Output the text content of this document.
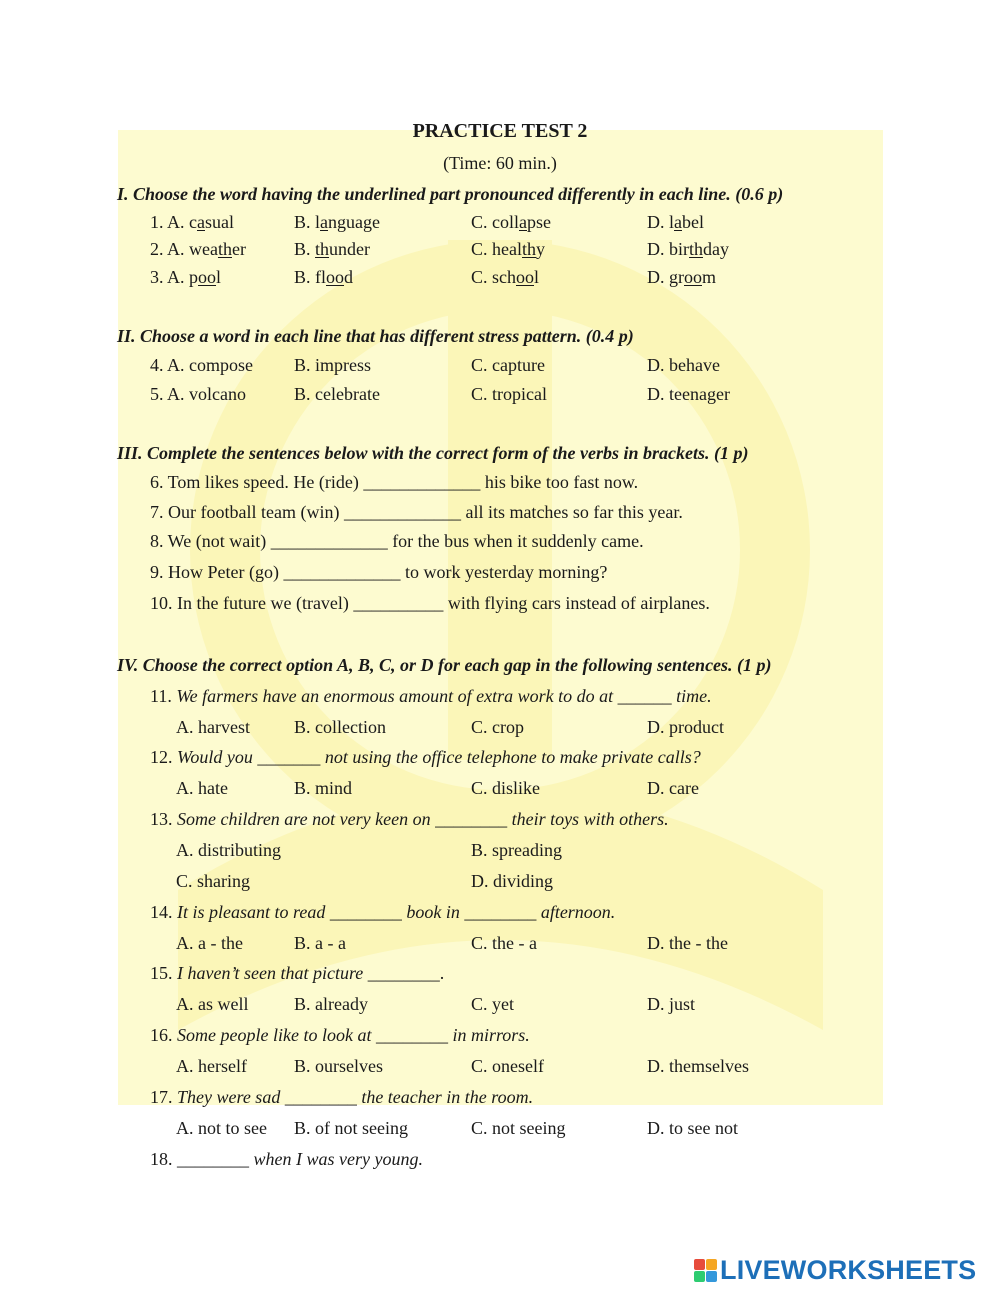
PRACTICE TEST 2
(Time: 60 min.)
I. Choose the word having the underlined part pronounced differently in each line. (0.6 p)
1. A. casual	B. language	C. collapse	D. label
2. A. weather	B. thunder	C. healthy	D. birthday
3. A. pool	B. flood	C. school	D. groom
II. Choose a word in each line that has different stress pattern. (0.4 p)
4. A. compose B. impress	C. capture	D. behave
5. A. volcano	B. celebrate	C. tropical	D. teenager
III. Complete the sentences below with the correct form of the verbs in brackets. (1 p)
6. Tom likes speed. He (ride) _____________ his bike too fast now.
7. Our football team (win) _____________ all its matches so far this year.
8. We (not wait) _____________ for the bus when it suddenly came.
9. How Peter (go) _____________ to work yesterday morning?
10. In the future we (travel) __________ with flying cars instead of airplanes.
IV. Choose the correct option A, B, C, or D for each gap in the following sentences. (1 p)
11. We farmers have an enormous amount of extra work to do at ______ time.
A. harvest B. collection	C. crop	D. product
12. Would you _______ not using the office telephone to make private calls?
A. hate	B. mind	C. dislike	D. care
13. Some children are not very keen on ________ their toys with others.
A. distributing	B. spreading
C. sharing	D. dividing
14. It is pleasant to read ________ book in ________ afternoon.
A. a - the	B. a - a	C. the - a	D. the - the
15. I haven’t seen that picture ________.
A. as well	B. already	C. yet	D. just
16. Some people like to look at ________ in mirrors.
A. herself	B. ourselves	C. oneself	D. themselves
17. They were sad ________ the teacher in the room.
A. not to see B. of not seeing	C. not seeing	D. to see not
18. ________ when I was very young.
LIVEWORKSHEETS
